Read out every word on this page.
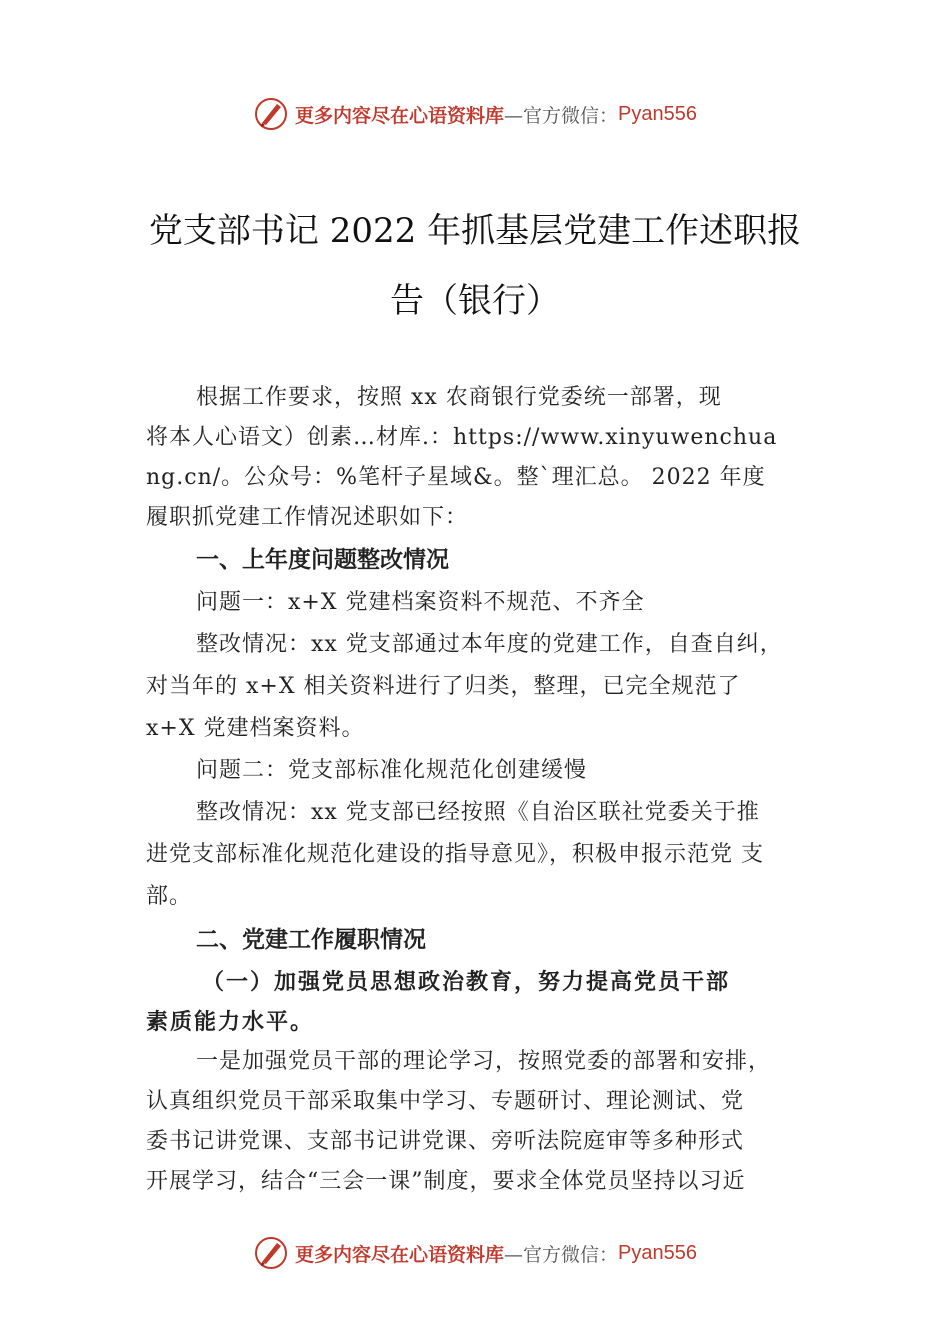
更多内容尽在心语资料库 —官方微信： Pyan556
党支部书记 2022 年抓基层党建工作述职报
告（银行）

根据工作要求，按照 xx 农商银行党委统一部署，现

将本人心语文）创素…材库.：https://www.xinyuwenchua

ng.cn/。公众号：%笔杆子星域&。整`理汇总。 2022 年度

履职抓党建工作情况述职如下：

一、上年度问题整改情况

问题一：x+X 党建档案资料不规范、不齐全

整改情况：xx 党支部通过本年度的党建工作，自查自纠，

对当年的 x+X 相关资料进行了归类，整理，已完全规范了

x+X 党建档案资料。

问题二：党支部标准化规范化创建缓慢

整改情况：xx 党支部已经按照《自治区联社党委关于推

进党支部标准化规范化建设的指导意见》，积极申报示范党 支

部。

二、党建工作履职情况

（一）加强党员思想政治教育，努力提高党员干部

素质能力水平。

一是加强党员干部的理论学习，按照党委的部署和安排，

认真组织党员干部采取集中学习、专题研讨、理论测试、党

委书记讲党课、支部书记讲党课、旁听法院庭审等多种形式

开展学习，结合“三会一课”制度，要求全体党员坚持以习近

更多内容尽在心语资料库 —官方微信： Pyan556
